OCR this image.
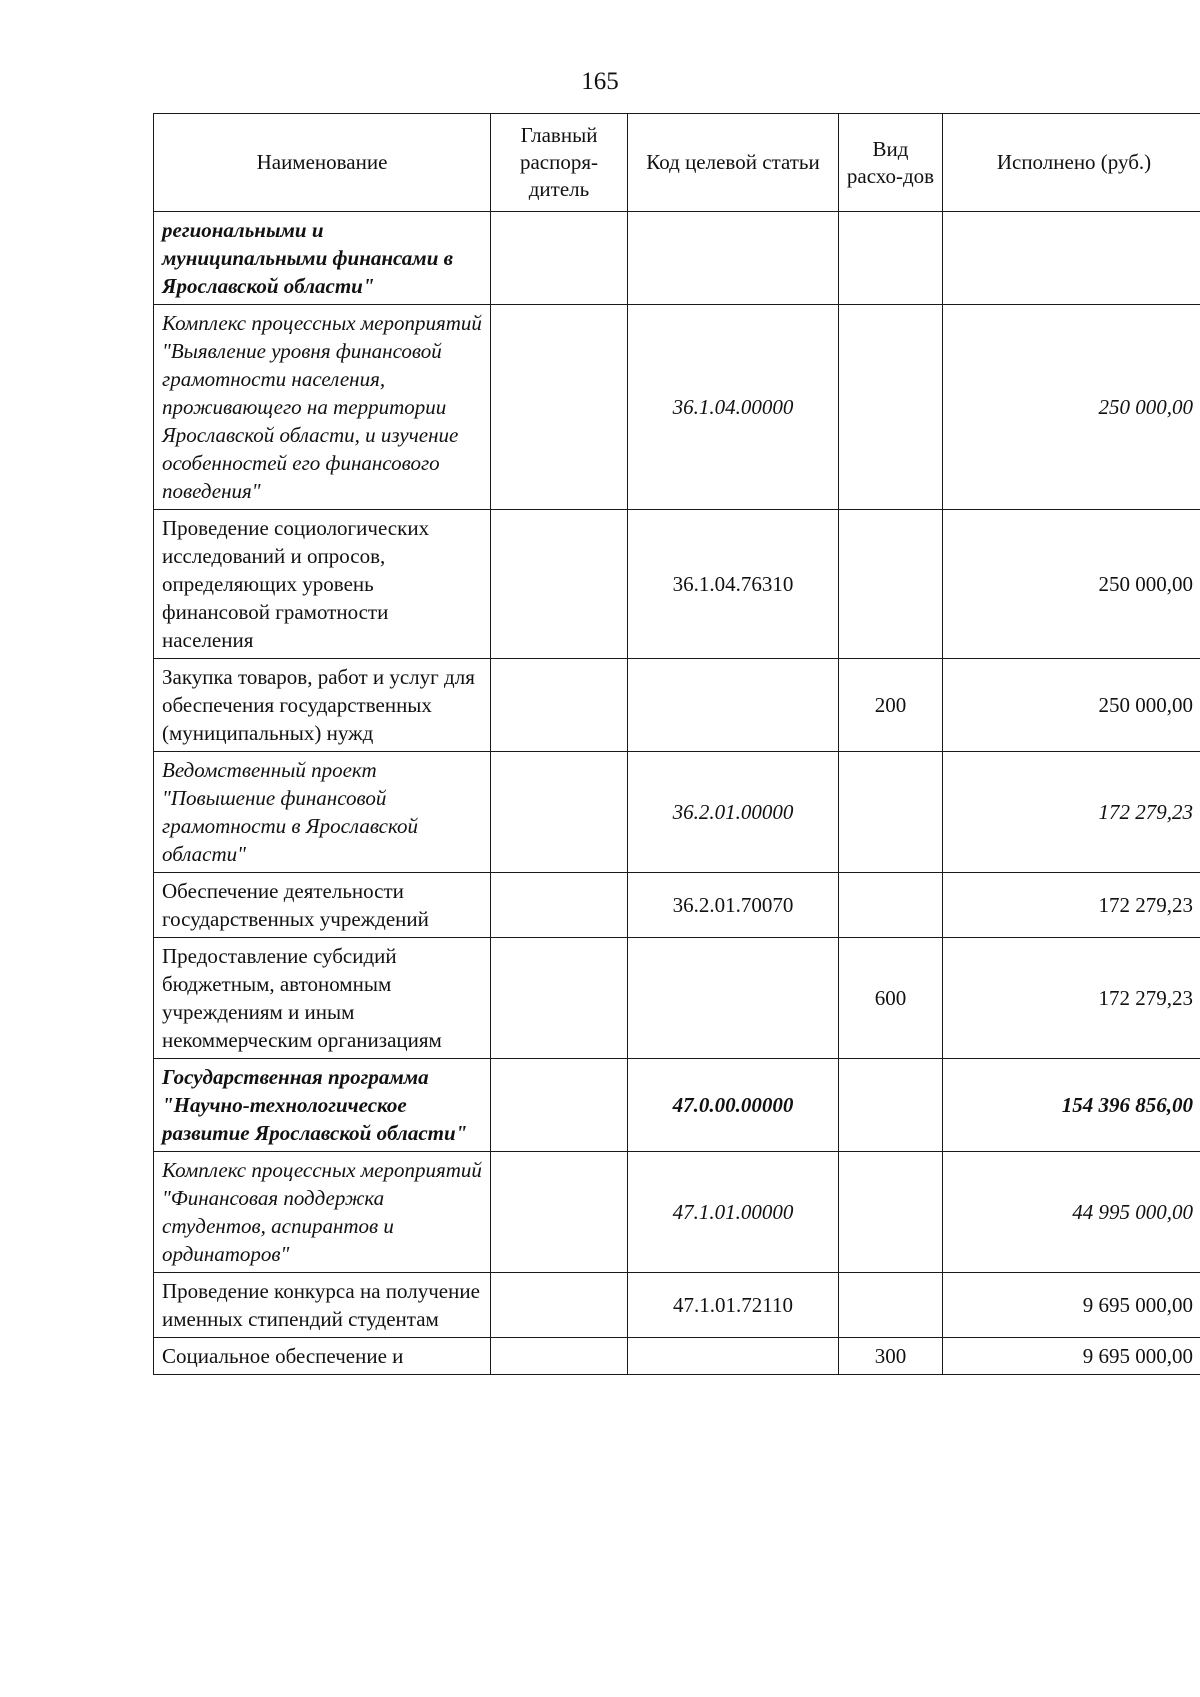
165
Наименование	Главный распоря-дитель	Код целевой статьи	Вид расхо-дов	Исполнено (руб.)
региональными и муниципальными финансами в Ярославской области"				
Комплекс процессных мероприятий "Выявление уровня финансовой грамотности населения, проживающего на территории Ярославской области, и изучение особенностей его финансового поведения"		36.1.04.00000		250 000,00
Проведение социологических исследований и опросов, определяющих уровень финансовой грамотности населения		36.1.04.76310		250 000,00
Закупка товаров, работ и услуг для обеспечения государственных (муниципальных) нужд			200	250 000,00
Ведомственный проект "Повышение финансовой грамотности в Ярославской области"		36.2.01.00000		172 279,23
Обеспечение деятельности государственных учреждений		36.2.01.70070		172 279,23
Предоставление субсидий бюджетным, автономным учреждениям и иным некоммерческим организациям			600	172 279,23
Государственная программа "Научно-технологическое развитие Ярославской области"		47.0.00.00000		154 396 856,00
Комплекс процессных мероприятий "Финансовая поддержка студентов, аспирантов и ординаторов"		47.1.01.00000		44 995 000,00
Проведение конкурса на получение именных стипендий студентам		47.1.01.72110		9 695 000,00
Социальное обеспечение и			300	9 695 000,00
